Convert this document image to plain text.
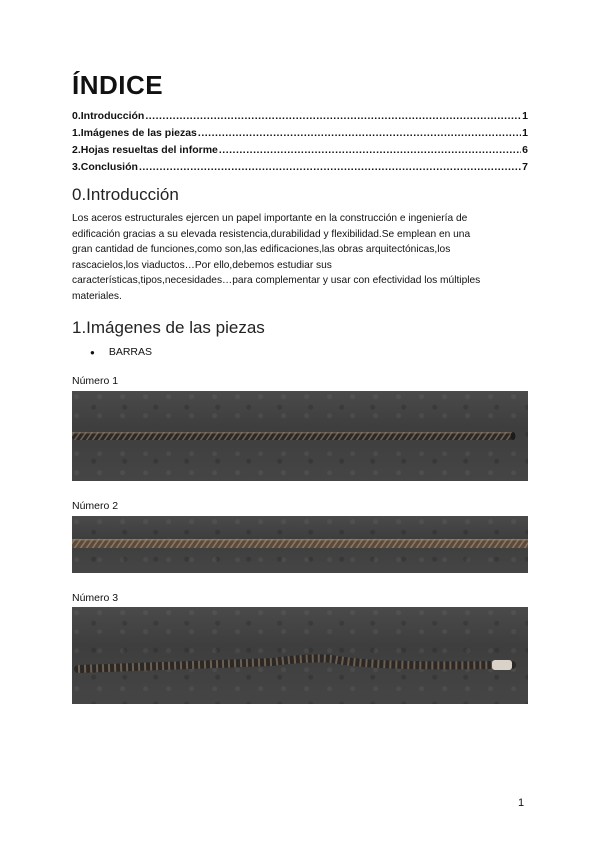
ÍNDICE
0.Introducción .....	1
1.Imágenes de las piezas .....	1
2.Hojas resueltas del informe .....	6
3.Conclusión .....	7
0.Introducción

Los aceros estructurales ejercen un papel importante en la construcción e ingeniería de
edificación gracias a su elevada resistencia,durabilidad y flexibilidad.Se emplean en una
gran cantidad de funciones,como son,las edificaciones,las obras arquitectónicas,los
rascacielos,los viaductos…Por ello,debemos estudiar sus
características,tipos,necesidades…para complementar y usar con efectividad los múltiples
materiales.

1.Imágenes de las piezas
● BARRAS

Número 1

Número 2

Número 3

1
